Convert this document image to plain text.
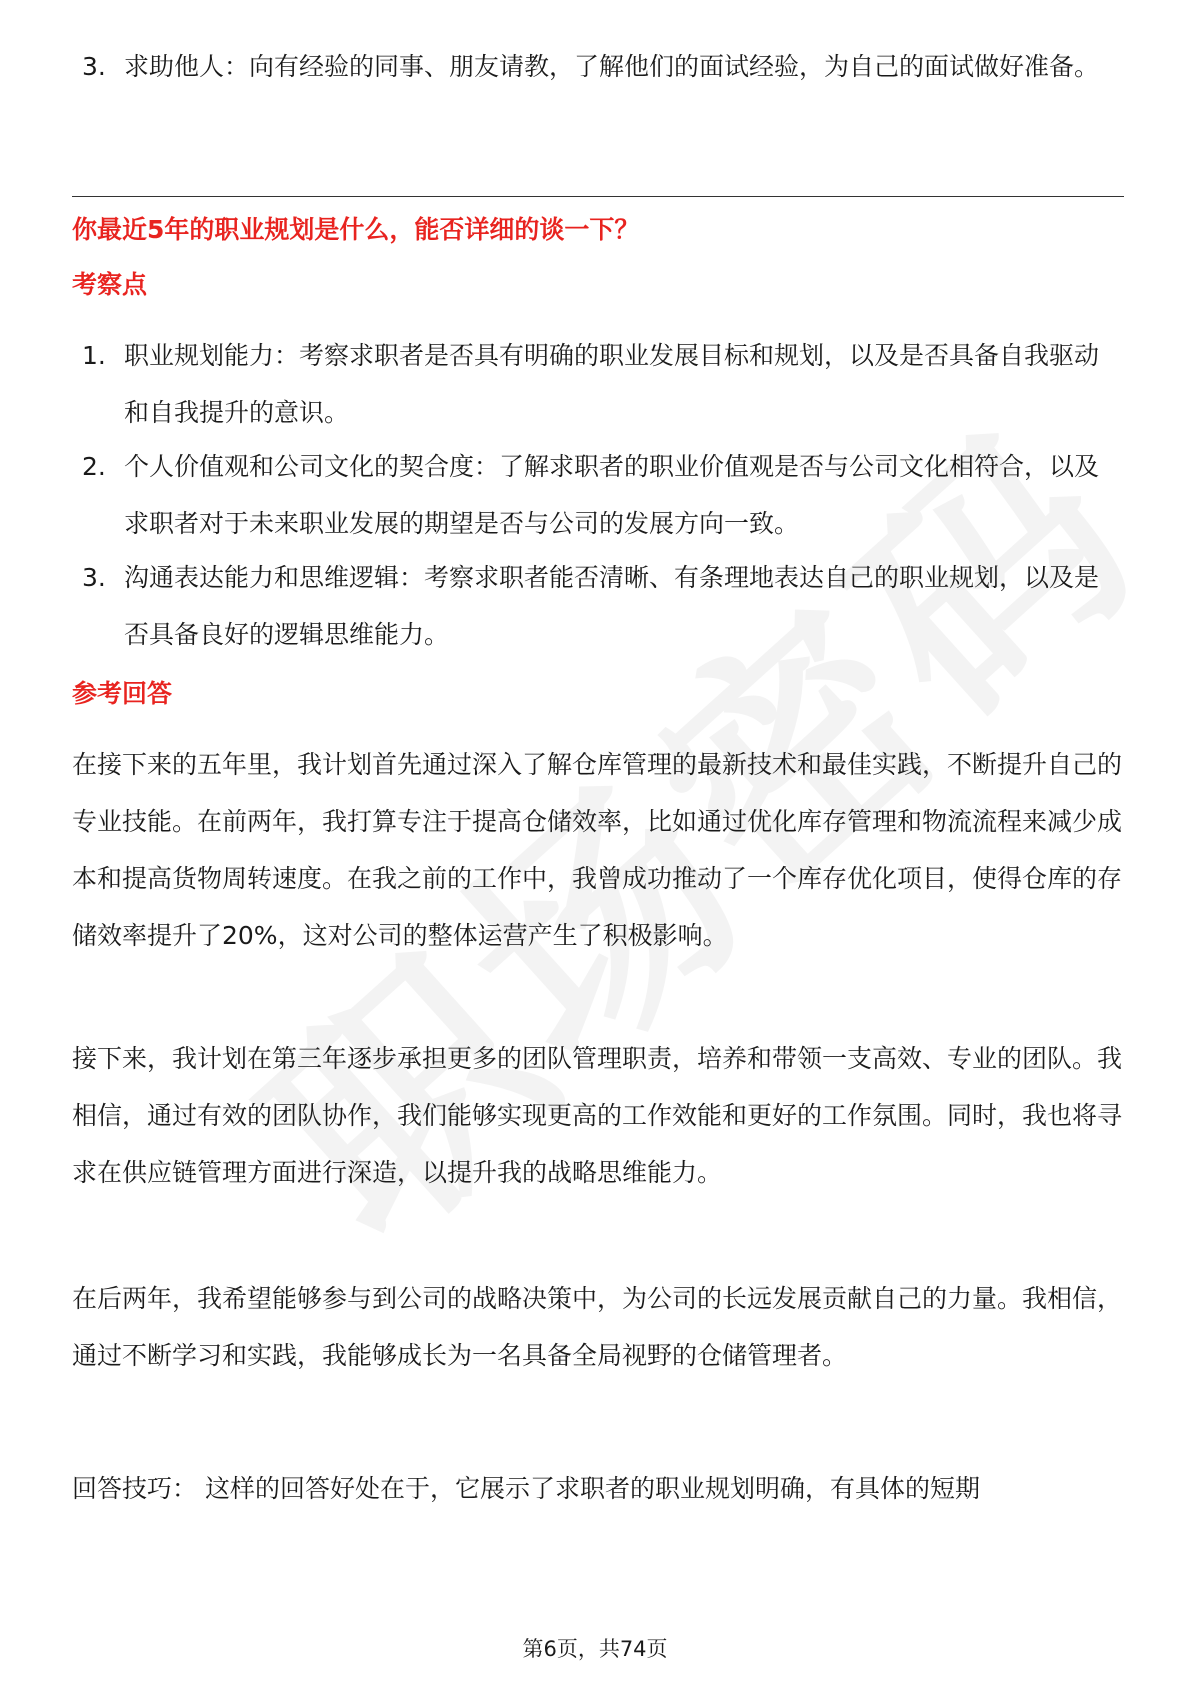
3. 求助他人：向有经验的同事、朋友请教，了解他们的面试经验，为自己的面试做好准备。
你最近5年的职业规划是什么，能否详细的谈一下？
考察点
1. 职业规划能力：考察求职者是否具有明确的职业发展目标和规划，以及是否具备自我驱动和自我提升的意识。
2. 个人价值观和公司文化的契合度：了解求职者的职业价值观是否与公司文化相符合，以及求职者对于未来职业发展的期望是否与公司的发展方向一致。
3. 沟通表达能力和思维逻辑：考察求职者能否清晰、有条理地表达自己的职业规划，以及是否具备良好的逻辑思维能力。
参考回答
在接下来的五年里，我计划首先通过深入了解仓库管理的最新技术和最佳实践，不断提升自己的专业技能。在前两年，我打算专注于提高仓储效率，比如通过优化库存管理和物流流程来减少成本和提高货物周转速度。在我之前的工作中，我曾成功推动了一个库存优化项目，使得仓库的存储效率提升了20%，这对公司的整体运营产生了积极影响。
接下来，我计划在第三年逐步承担更多的团队管理职责，培养和带领一支高效、专业的团队。我相信，通过有效的团队协作，我们能够实现更高的工作效能和更好的工作氛围。同时，我也将寻求在供应链管理方面进行深造，以提升我的战略思维能力。
在后两年，我希望能够参与到公司的战略决策中，为公司的长远发展贡献自己的力量。我相信，通过不断学习和实践，我能够成长为一名具备全局视野的仓储管理者。
回答技巧： 这样的回答好处在于，它展示了求职者的职业规划明确，有具体的短期
第6页，共74页
